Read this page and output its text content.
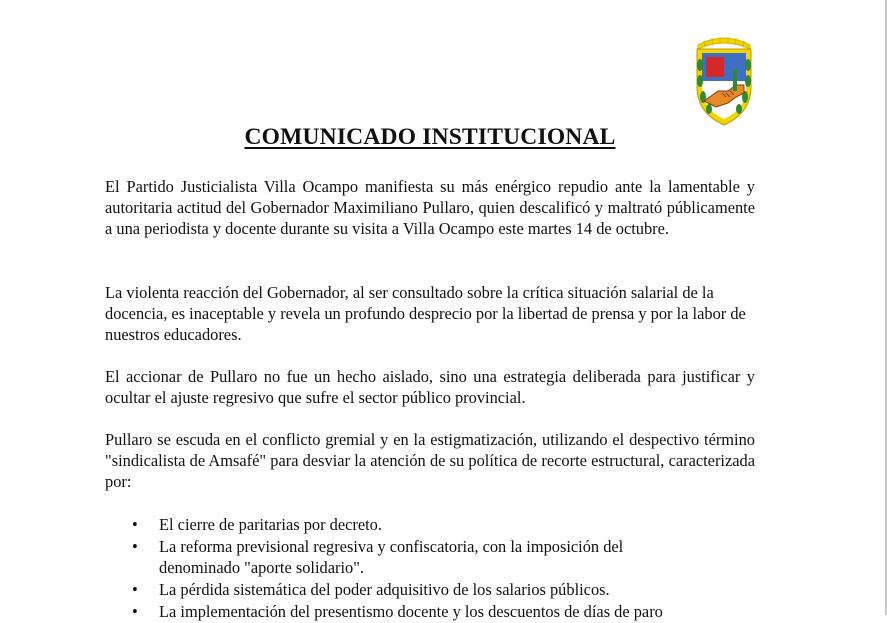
COMUNICADO INSTITUCIONAL

El Partido Justicialista Villa Ocampo manifiesta su más enérgico repudio ante la lamentable y autoritaria actitud del Gobernador Maximiliano Pullaro, quien descalificó y maltrató públicamente a una periodista y docente durante su visita a Villa Ocampo este martes 14 de octubre.

La violenta reacción del Gobernador, al ser consultado sobre la crítica situación salarial de la docencia, es inaceptable y revela un profundo desprecio por la libertad de prensa y por la labor de nuestros educadores.

El accionar de Pullaro no fue un hecho aislado, sino una estrategia deliberada para justificar y ocultar el ajuste regresivo que sufre el sector público provincial.

Pullaro se escuda en el conflicto gremial y en la estigmatización, utilizando el despectivo término "sindicalista de Amsafé" para desviar la atención de su política de recorte estructural, caracterizada por:

• El cierre de paritarias por decreto.
• La reforma previsional regresiva y confiscatoria, con la imposición del
denominado "aporte solidario".
• La pérdida sistemática del poder adquisitivo de los salarios públicos.
• La implementación del presentismo docente y los descuentos de días de paro
